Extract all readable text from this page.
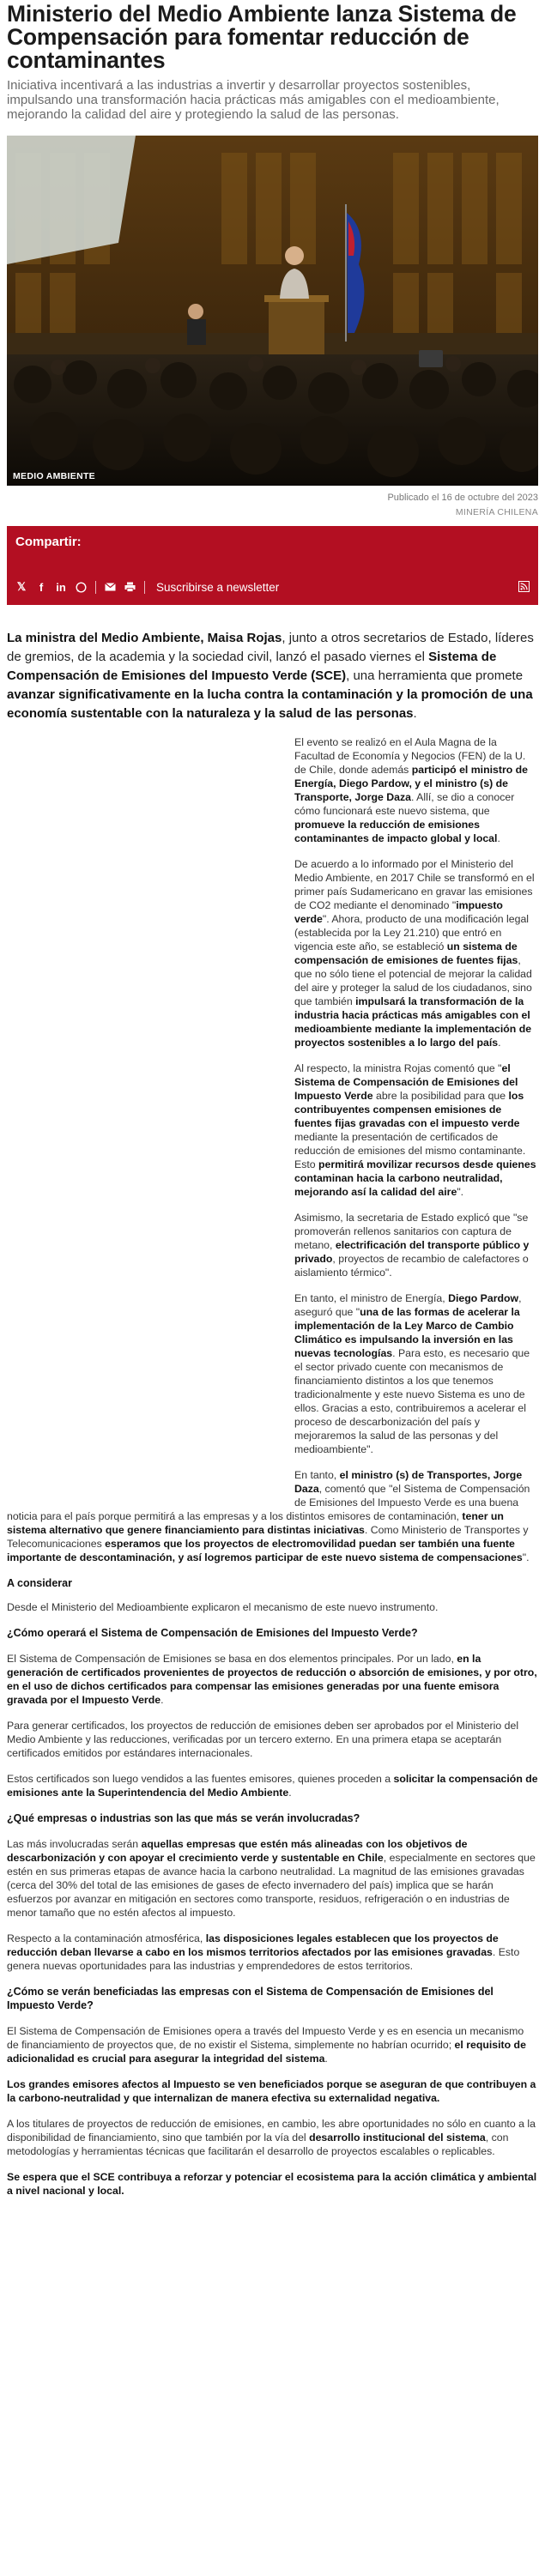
Ministerio del Medio Ambiente lanza Sistema de Compensación para fomentar reducción de contaminantes

Iniciativa incentivará a las industrias a invertir y desarrollar proyectos sostenibles, impulsando una transformación hacia prácticas más amigables con el medioambiente, mejorando la calidad del aire y protegiendo la salud de las personas.

MEDIO AMBIENTE
Publicado el 16 de octubre del 2023
MINERÍA CHILENA
Compartir:
𝕏	f	in	Suscribirse a newsletter

La ministra del Medio Ambiente, Maisa Rojas, junto a otros secretarios de Estado, líderes de gremios, de la academia y la sociedad civil, lanzó el pasado viernes el Sistema de Compensación de Emisiones del Impuesto Verde (SCE), una herramienta que promete avanzar significativamente en la lucha contra la contaminación y la promoción de una economía sustentable con la naturaleza y la salud de las personas.

El evento se realizó en el Aula Magna de la Facultad de Economía y Negocios (FEN) de la U. de Chile, donde además participó el ministro de Energía, Diego Pardow, y el ministro (s) de Transporte, Jorge Daza. Allí, se dio a conocer cómo funcionará este nuevo sistema, que promueve la reducción de emisiones contaminantes de impacto global y local.

De acuerdo a lo informado por el Ministerio del Medio Ambiente, en 2017 Chile se transformó en el primer país Sudamericano en gravar las emisiones de CO2 mediante el denominado "impuesto verde". Ahora, producto de una modificación legal (establecida por la Ley 21.210) que entró en vigencia este año, se estableció un sistema de compensación de emisiones de fuentes fijas, que no sólo tiene el potencial de mejorar la calidad del aire y proteger la salud de los ciudadanos, sino que también impulsará la transformación de la industria hacia prácticas más amigables con el medioambiente mediante la implementación de proyectos sostenibles a lo largo del país.

Al respecto, la ministra Rojas comentó que "el Sistema de Compensación de Emisiones del Impuesto Verde abre la posibilidad para que los contribuyentes compensen emisiones de fuentes fijas gravadas con el impuesto verde mediante la presentación de certificados de reducción de emisiones del mismo contaminante. Esto permitirá movilizar recursos desde quienes contaminan hacia la carbono neutralidad, mejorando así la calidad del aire".

Asimismo, la secretaria de Estado explicó que "se promoverán rellenos sanitarios con captura de metano, electrificación del transporte público y privado, proyectos de recambio de calefactores o aislamiento térmico".

En tanto, el ministro de Energía, Diego Pardow, aseguró que "una de las formas de acelerar la implementación de la Ley Marco de Cambio Climático es impulsando la inversión en las nuevas tecnologías. Para esto, es necesario que el sector privado cuente con mecanismos de financiamiento distintos a los que tenemos tradicionalmente y este nuevo Sistema es uno de ellos. Gracias a esto, contribuiremos a acelerar el proceso de descarbonización del país y mejoraremos la salud de las personas y del medioambiente".

En tanto, el ministro (s) de Transportes, Jorge Daza, comentó que "el Sistema de Compensación de Emisiones del Impuesto Verde es una buena noticia para el país porque permitirá a las empresas y a los distintos emisores de contaminación, tener un sistema alternativo que genere financiamiento para distintas iniciativas. Como Ministerio de Transportes y Telecomunicaciones esperamos que los proyectos de electromovilidad puedan ser también una fuente importante de descontaminación, y así logremos participar de este nuevo sistema de compensaciones".

A considerar

Desde el Ministerio del Medioambiente explicaron el mecanismo de este nuevo instrumento.

¿Cómo operará el Sistema de Compensación de Emisiones del Impuesto Verde?

El Sistema de Compensación de Emisiones se basa en dos elementos principales. Por un lado, en la generación de certificados provenientes de proyectos de reducción o absorción de emisiones, y por otro, en el uso de dichos certificados para compensar las emisiones generadas por una fuente emisora gravada por el Impuesto Verde.

Para generar certificados, los proyectos de reducción de emisiones deben ser aprobados por el Ministerio del Medio Ambiente y las reducciones, verificadas por un tercero externo. En una primera etapa se aceptarán certificados emitidos por estándares internacionales.

Estos certificados son luego vendidos a las fuentes emisores, quienes proceden a solicitar la compensación de emisiones ante la Superintendencia del Medio Ambiente.

¿Qué empresas o industrias son las que más se verán involucradas?

Las más involucradas serán aquellas empresas que estén más alineadas con los objetivos de descarbonización y con apoyar el crecimiento verde y sustentable en Chile, especialmente en sectores que estén en sus primeras etapas de avance hacia la carbono neutralidad. La magnitud de las emisiones gravadas (cerca del 30% del total de las emisiones de gases de efecto invernadero del país) implica que se harán esfuerzos por avanzar en mitigación en sectores como transporte, residuos, refrigeración o en industrias de menor tamaño que no estén afectos al impuesto.

Respecto a la contaminación atmosférica, las disposiciones legales establecen que los proyectos de reducción deban llevarse a cabo en los mismos territorios afectados por las emisiones gravadas. Esto genera nuevas oportunidades para las industrias y emprendedores de estos territorios.

¿Cómo se verán beneficiadas las empresas con el Sistema de Compensación de Emisiones del Impuesto Verde?

El Sistema de Compensación de Emisiones opera a través del Impuesto Verde y es en esencia un mecanismo de financiamiento de proyectos que, de no existir el Sistema, simplemente no habrían ocurrido; el requisito de adicionalidad es crucial para asegurar la integridad del sistema.

Los grandes emisores afectos al Impuesto se ven beneficiados porque se aseguran de que contribuyen a la carbono-neutralidad y que internalizan de manera efectiva su externalidad negativa.

A los titulares de proyectos de reducción de emisiones, en cambio, les abre oportunidades no sólo en cuanto a la disponibilidad de financiamiento, sino que también por la vía del desarrollo institucional del sistema, con metodologías y herramientas técnicas que facilitarán el desarrollo de proyectos escalables o replicables.

Se espera que el SCE contribuya a reforzar y potenciar el ecosistema para la acción climática y ambiental a nivel nacional y local.
